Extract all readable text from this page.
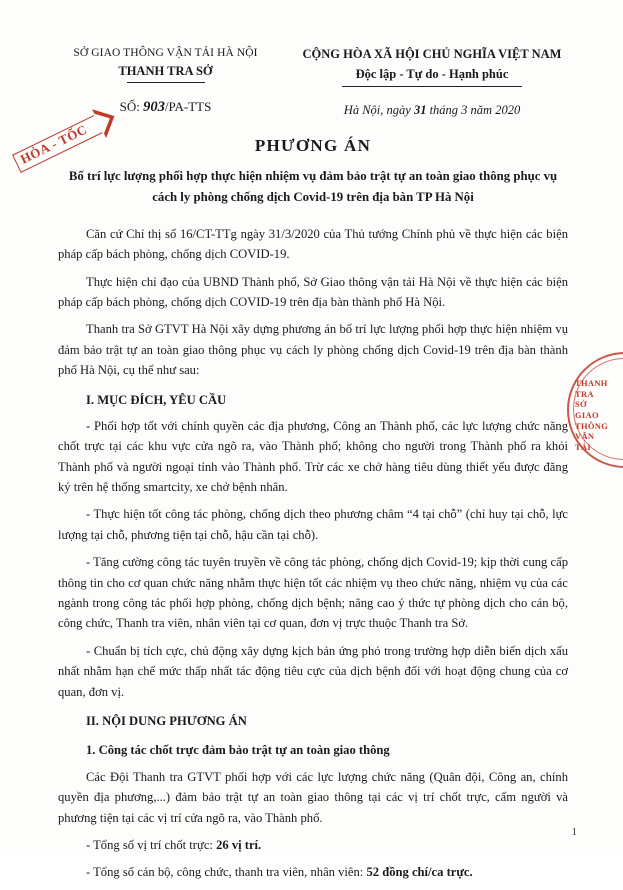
HỎA - TỐC
THANH TRA SỞ GIAO THÔNG VẬN TẢI
SỞ GIAO THÔNG VẬN TẢI HÀ NỘI
THANH TRA SỞ
SỐ: 903/PA-TTS
CỘNG HÒA XÃ HỘI CHỦ NGHĨA VIỆT NAM
Độc lập - Tự do - Hạnh phúc
Hà Nội, ngày 31 tháng 3 năm 2020
PHƯƠNG ÁN
Bố trí lực lượng phối hợp thực hiện nhiệm vụ đảm bảo trật tự an toàn giao thông phục vụ cách ly phòng chống dịch Covid-19 trên địa bàn TP Hà Nội

Căn cứ Chỉ thị số 16/CT-TTg ngày 31/3/2020 của Thủ tướng Chính phủ về thực hiện các biện pháp cấp bách phòng, chống dịch COVID-19.

Thực hiện chỉ đạo của UBND Thành phố, Sở Giao thông vận tải Hà Nội về thực hiện các biện pháp cấp bách phòng, chống dịch COVID-19 trên địa bàn thành phố Hà Nội.

Thanh tra Sở GTVT Hà Nội xây dựng phương án bố trí lực lượng phối hợp thực hiện nhiệm vụ đảm bảo trật tự an toàn giao thông phục vụ cách ly phòng chống dịch Covid-19 trên địa bàn thành phố Hà Nội, cụ thể như sau:

I. MỤC ĐÍCH, YÊU CẦU

- Phối hợp tốt với chính quyền các địa phương, Công an Thành phố, các lực lượng chức năng chốt trực tại các khu vực cửa ngõ ra, vào Thành phố; không cho người trong Thành phố ra khỏi Thành phố và người ngoại tỉnh vào Thành phố. Trừ các xe chở hàng tiêu dùng thiết yếu được đăng ký trên hệ thống smartcity, xe chở bệnh nhân.

- Thực hiện tốt công tác phòng, chống dịch theo phương châm “4 tại chỗ” (chỉ huy tại chỗ, lực lượng tại chỗ, phương tiện tại chỗ, hậu cần tại chỗ).

- Tăng cường công tác tuyên truyền về công tác phòng, chống dịch Covid-19; kịp thời cung cấp thông tin cho cơ quan chức năng nhằm thực hiện tốt các nhiệm vụ theo chức năng, nhiệm vụ của các ngành trong công tác phối hợp phòng, chống dịch bệnh; nâng cao ý thức tự phòng dịch cho cán bộ, công chức, Thanh tra viên, nhân viên tại cơ quan, đơn vị trực thuộc Thanh tra Sở.

- Chuẩn bị tích cực, chủ động xây dựng kịch bản ứng phó trong trường hợp diễn biến dịch xấu nhất nhằm hạn chế mức thấp nhất tác động tiêu cực của dịch bệnh đối với hoạt động chung của cơ quan, đơn vị.

II. NỘI DUNG PHƯƠNG ÁN
1. Công tác chốt trực đảm bảo trật tự an toàn giao thông

Các Đội Thanh tra GTVT phối hợp với các lực lượng chức năng (Quân đội, Công an, chính quyền địa phương,...) đảm bảo trật tự an toàn giao thông tại các vị trí chốt trực, cấm người và phương tiện tại các vị trí cửa ngõ ra, vào Thành phố.

- Tổng số vị trí chốt trực: 26 vị trí.

- Tổng số cán bộ, công chức, thanh tra viên, nhân viên: 52 đồng chí/ca trực.

1
